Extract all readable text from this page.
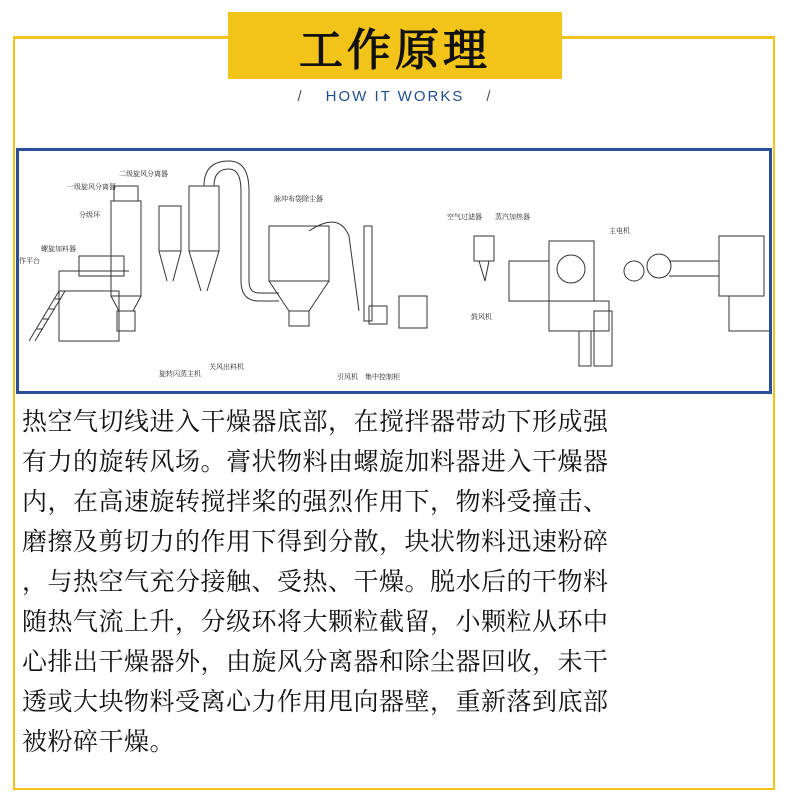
工作原理
/ HOW IT WORKS /
二级旋风分离器
一级旋风分离器
分级环
螺旋加料器
作平台
脉冲布袋除尘器
旋转闪蒸主机
关风出料机
引风机 集中控制柜
空气过滤器 蒸汽加热器
主电机
鼓风机
热空气切线进入干燥器底部，在搅拌器带动下形成强
有力的旋转风场。膏状物料由螺旋加料器进入干燥器
内，在高速旋转搅拌桨的强烈作用下，物料受撞击、
磨擦及剪切力的作用下得到分散，块状物料迅速粉碎
，与热空气充分接触、受热、干燥。脱水后的干物料
随热气流上升，分级环将大颗粒截留，小颗粒从环中
心排出干燥器外，由旋风分离器和除尘器回收，未干
透或大块物料受离心力作用甩向器壁，重新落到底部
被粉碎干燥。
